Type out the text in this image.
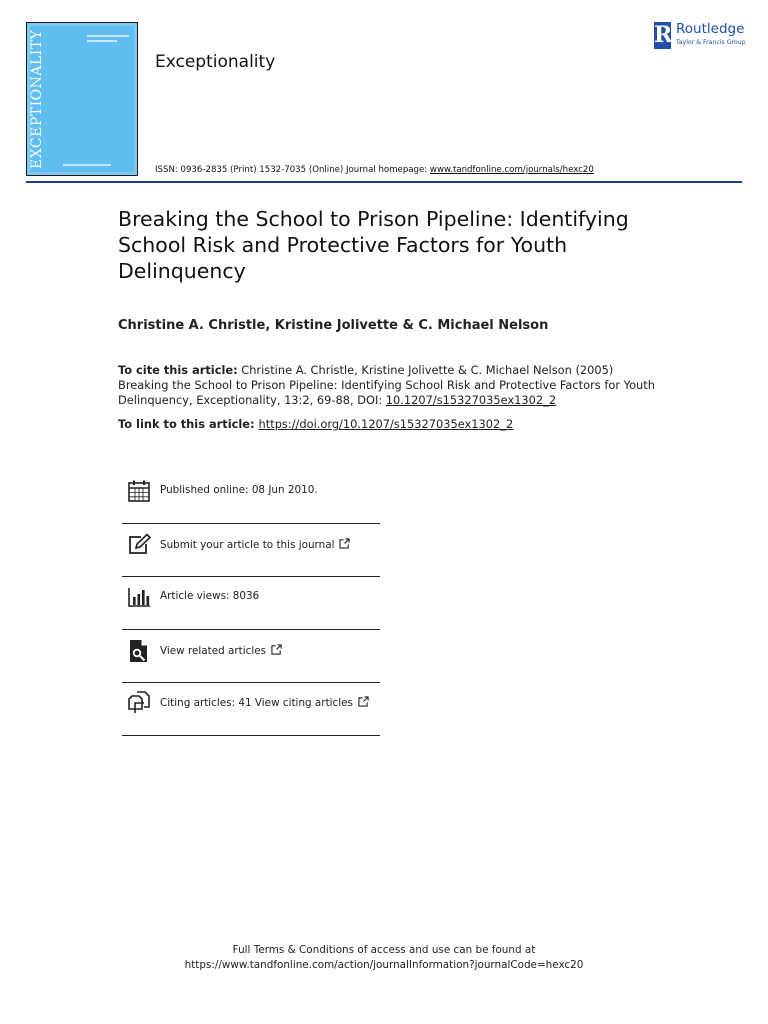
EXCEPTIONALITY	Exceptionality
ISSN: 0936-2835 (Print) 1532-7035 (Online) Journal homepage: www.tandfonline.com/journals/hexc20
R Routledge
Taylor & Francis Group
Breaking the School to Prison Pipeline: Identifying School Risk and Protective Factors for Youth Delinquency
Christine A. Christle, Kristine Jolivette & C. Michael Nelson
To cite this article: Christine A. Christle, Kristine Jolivette & C. Michael Nelson (2005) Breaking the School to Prison Pipeline: Identifying School Risk and Protective Factors for Youth Delinquency, Exceptionality, 13:2, 69-88, DOI: 10.1207/s15327035ex1302_2
To link to this article: https://doi.org/10.1207/s15327035ex1302_2
Published online: 08 Jun 2010.
Submit your article to this journal
Article views: 8036
View related articles
Citing articles: 41 View citing articles
Full Terms & Conditions of access and use can be found at
https://www.tandfonline.com/action/journalInformation?journalCode=hexc20
